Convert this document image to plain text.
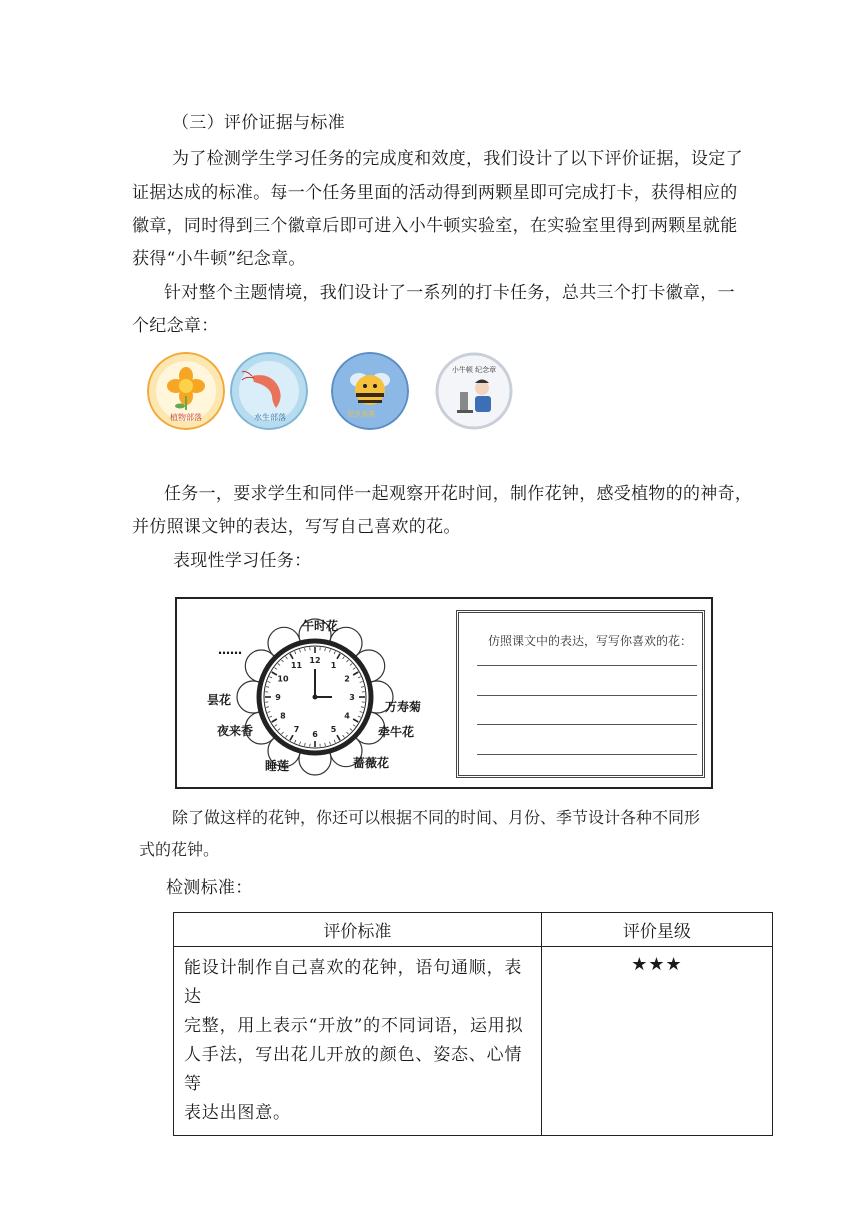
（三）评价证据与标准
为了检测学生学习任务的完成度和效度，我们设计了以下评价证据，设定了
证据达成的标准。每一个任务里面的活动得到两颗星即可完成打卡，获得相应的
徽章，同时得到三个徽章后即可进入小牛顿实验室，在实验室里得到两颗星就能
获得“小牛顿”纪念章。
针对整个主题情境，我们设计了一系列的打卡任务，总共三个打卡徽章，一
个纪念章：
植物部落	水生部落	昆虫部落
小牛顿 纪念章
任务一，要求学生和同伴一起观察开花时间，制作花钟，感受植物的的神奇，
并仿照课文钟的表达，写写自己喜欢的花。
表现性学习任务：
12
1
2
3
4
5
6
7
8
9
10
11
午时花
……
昙花	万寿菊
夜来香	牵牛花
睡莲	蔷薇花
仿照课文中的表达，写写你喜欢的花：
除了做这样的花钟，你还可以根据不同的时间、月份、季节设计各种不同形
式的花钟。
检测标准：
评价标准	评价星级

能设计制作自己喜欢的花钟，语句通顺，表达
完整，用上表示“开放”的不同词语，运用拟
人手法，写出花儿开放的颜色、姿态、心情等
表达出图意。	★★★
